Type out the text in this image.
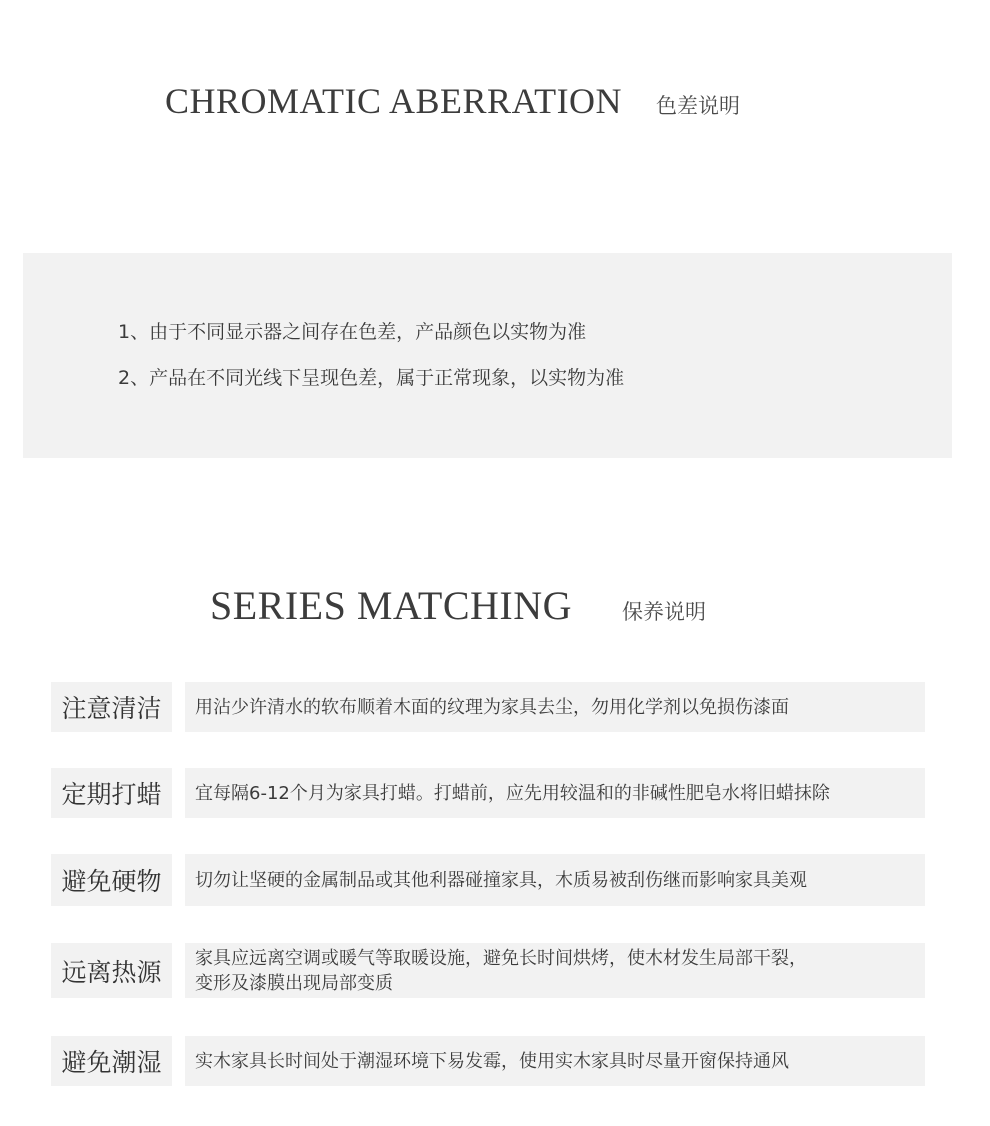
CHROMATIC ABERRATION 色差说明
1、由于不同显示器之间存在色差，产品颜色以实物为准
2、产品在不同光线下呈现色差，属于正常现象，以实物为准
SERIES MATCHING 保养说明
注意清洁	用沾少许清水的软布顺着木面的纹理为家具去尘，勿用化学剂以免损伤漆面
定期打蜡	宜每隔6-12个月为家具打蜡。打蜡前，应先用较温和的非碱性肥皂水将旧蜡抹除
避免硬物	切勿让坚硬的金属制品或其他利器碰撞家具，木质易被刮伤继而影响家具美观
远离热源	家具应远离空调或暖气等取暖设施，避免长时间烘烤，使木材发生局部干裂，
变形及漆膜出现局部变质
避免潮湿	实木家具长时间处于潮湿环境下易发霉，使用实木家具时尽量开窗保持通风
